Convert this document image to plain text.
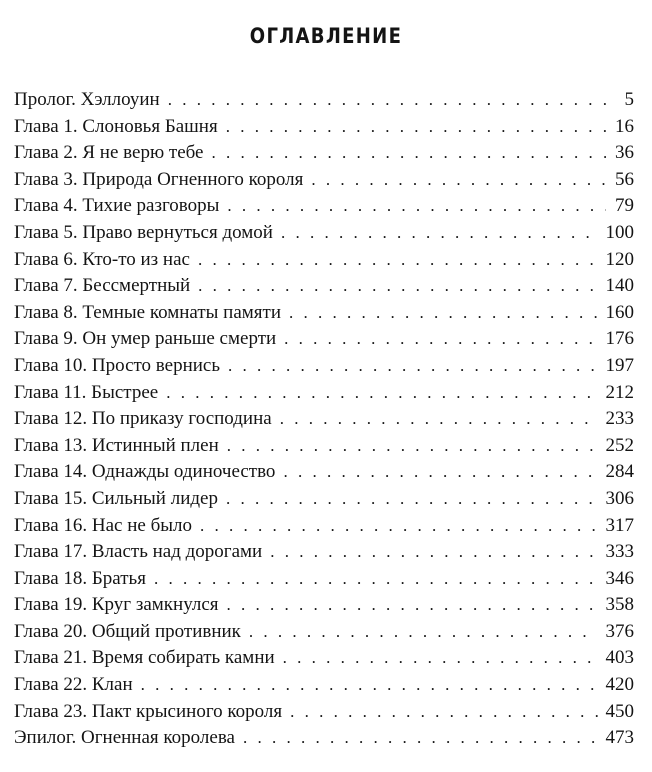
ОГЛАВЛЕНИЕ
Пролог. Хэллоуин . . .	5
Глава 1. Слоновья Башня . . .	16
Глава 2. Я не верю тебе . . .	36
Глава 3. Природа Огненного короля . . .	56
Глава 4. Тихие разговоры . . .	79
Глава 5. Право вернуться домой . . .	100
Глава 6. Кто-то из нас . . .	120
Глава 7. Бессмертный . . .	140
Глава 8. Темные комнаты памяти . . .	160
Глава 9. Он умер раньше смерти . . .	176
Глава 10. Просто вернись . . .	197
Глава 11. Быстрее . . .	212
Глава 12. По приказу господина . . .	233
Глава 13. Истинный плен . . .	252
Глава 14. Однажды одиночество . . .	284
Глава 15. Сильный лидер . . .	306
Глава 16. Нас не было . . .	317
Глава 17. Власть над дорогами . . .	333
Глава 18. Братья . . .	346
Глава 19. Круг замкнулся . . .	358
Глава 20. Общий противник . . .	376
Глава 21. Время собирать камни . . .	403
Глава 22. Клан . . .	420
Глава 23. Пакт крысиного короля . . .	450
Эпилог. Огненная королева . . .	473
